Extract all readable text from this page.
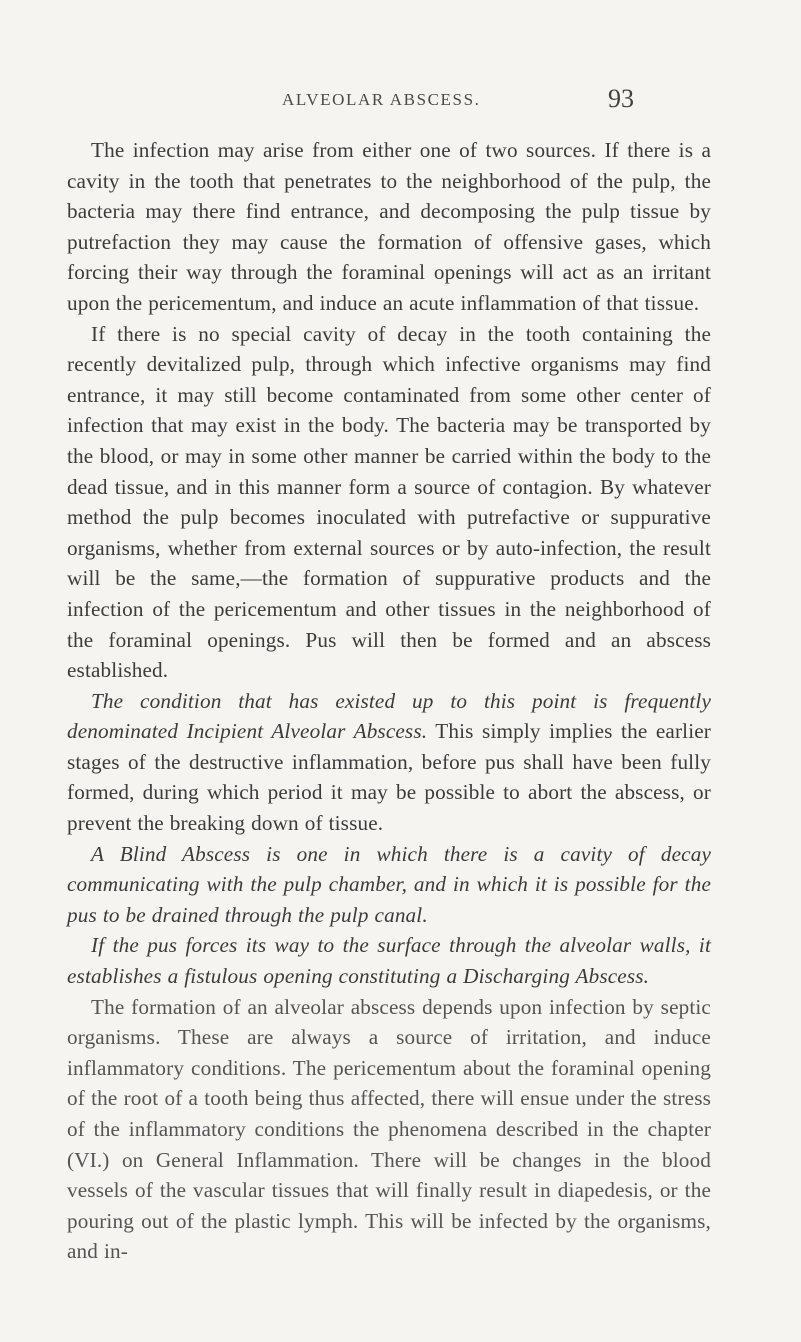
ALVEOLAR ABSCESS.	93

The infection may arise from either one of two sources. If there is a cavity in the tooth that penetrates to the neighborhood of the pulp, the bacteria may there find entrance, and decomposing the pulp tissue by putrefaction they may cause the formation of offensive gases, which forcing their way through the foraminal openings will act as an irritant upon the pericementum, and induce an acute inflammation of that tissue.

If there is no special cavity of decay in the tooth containing the recently devitalized pulp, through which infective organisms may find entrance, it may still become contaminated from some other center of infection that may exist in the body. The bacteria may be transported by the blood, or may in some other manner be carried within the body to the dead tissue, and in this manner form a source of contagion. By whatever method the pulp becomes inoculated with putrefactive or suppurative organisms, whether from external sources or by auto-infection, the result will be the same,—the formation of suppurative products and the infection of the pericementum and other tissues in the neighborhood of the foraminal openings. Pus will then be formed and an abscess established.

The condition that has existed up to this point is frequently denominated Incipient Alveolar Abscess. This simply implies the earlier stages of the destructive inflammation, before pus shall have been fully formed, during which period it may be possible to abort the abscess, or prevent the breaking down of tissue.

A Blind Abscess is one in which there is a cavity of decay communicating with the pulp chamber, and in which it is possible for the pus to be drained through the pulp canal.

If the pus forces its way to the surface through the alveolar walls, it establishes a fistulous opening constituting a Discharging Abscess.

The formation of an alveolar abscess depends upon infection by septic organisms. These are always a source of irritation, and induce inflammatory conditions. The pericementum about the foraminal opening of the root of a tooth being thus affected, there will ensue under the stress of the inflammatory conditions the phenomena described in the chapter (VI.) on General Inflammation. There will be changes in the blood vessels of the vascular tissues that will finally result in diapedesis, or the pouring out of the plastic lymph. This will be infected by the organisms, and in-
